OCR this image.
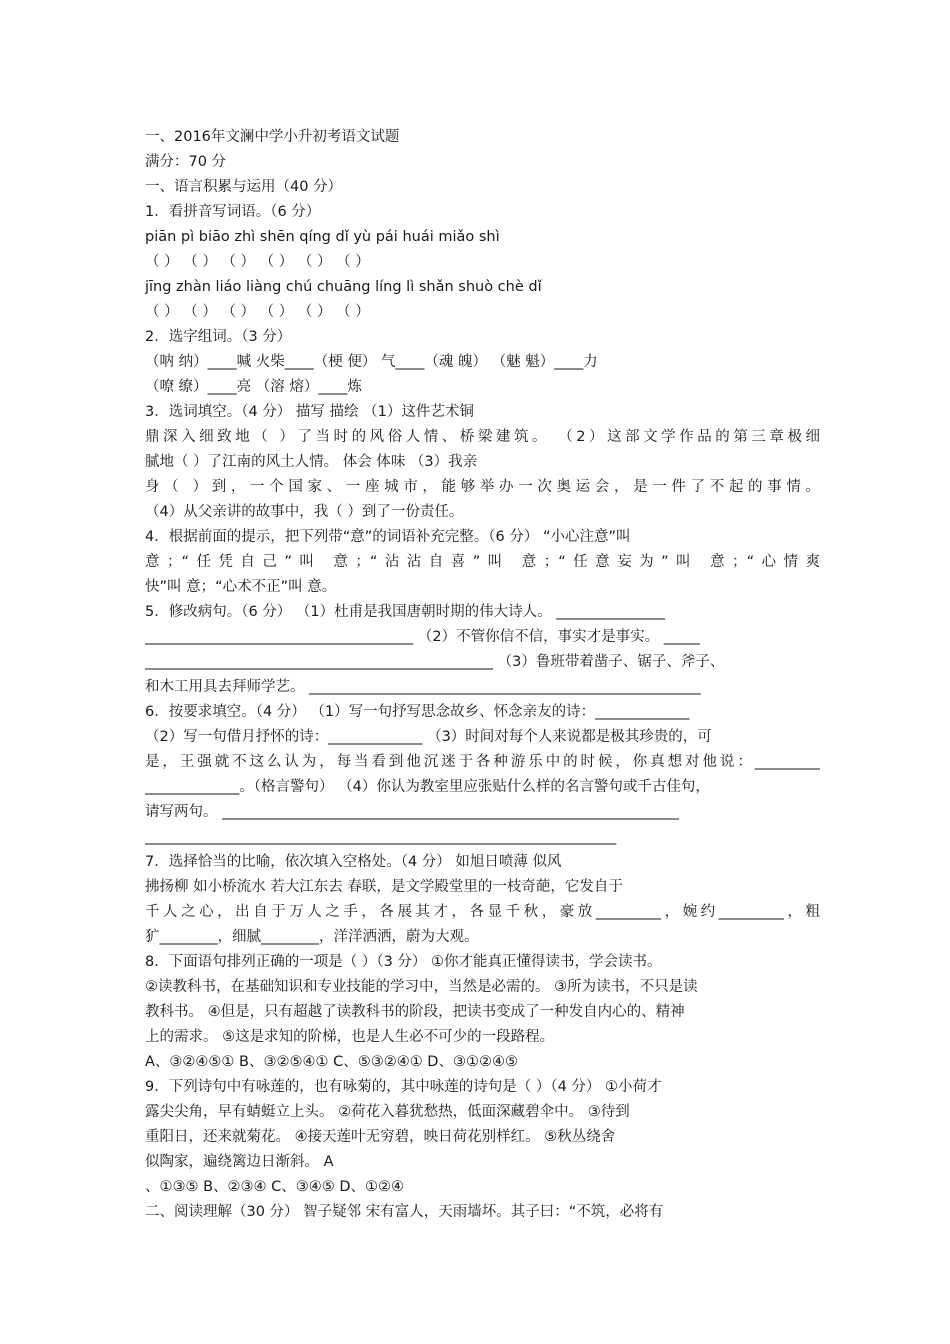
一、2016年文澜中学小升初考语文试题
满分：70 分
一、语言积累与运用（40 分）
1．看拼音写词语。（6 分）
piān pì biāo zhì shēn qíng dǐ yù pái huái miǎo shì
（ ） （ ） （ ） （ ） （ ） （ ）
jīng zhàn liáo liàng chú chuāng líng lì shǎn shuò chè dǐ
（ ） （ ） （ ） （ ） （ ） （ ）
2．选字组词。（3 分）
（呐 纳）____喊 火柴____（梗 便） 气____（魂 魄） （魅 魁）____力
（嘹 缭）____亮 （溶 熔）____炼
3．选词填空。（4 分） 描写 描绘 （1）这件艺术铜
鼎深入细致地（ ）了当时的风俗人情、桥梁建筑。 （2）这部文学作品的第三章极细
腻地（ ）了江南的风土人情。 体会 体味 （3）我亲
身（ ）到，一个国家、一座城市，能够举办一次奥运会，是一件了不起的事情。
（4）从父亲讲的故事中，我（ ）到了一份责任。
4．根据前面的提示，把下列带“意”的词语补充完整。（6 分） “小心注意”叫
意；“任凭自己”叫 意；“沾沾自喜”叫 意；“任意妄为”叫 意；“心情爽
快”叫 意；“心术不正”叫 意。
5．修改病句。（6 分） （1）杜甫是我国唐朝时期的伟大诗人。 _______________
_____________________________________ （2）不管你信不信，事实才是事实。 _____
________________________________________________ （3）鲁班带着凿子、锯子、斧子、
和木工用具去拜师学艺。 ______________________________________________________
6．按要求填空。（4 分） （1）写一句抒写思念故乡、怀念亲友的诗：_____________
（2）写一句借月抒怀的诗：_____________ （3）时间对每个人来说都是极其珍贵的，可
是，王强就不这么认为，每当看到他沉迷于各种游乐中的时候，你真想对他说：_________
_____________。（格言警句） （4）你认为教室里应张贴什么样的名言警句或千古佳句，
请写两句。 _______________________________________________________________
_________________________________________________________________
7．选择恰当的比喻，依次填入空格处。（4 分） 如旭日喷薄 似风
拂扬柳 如小桥流水 若大江东去 春联，是文学殿堂里的一枝奇葩，它发自于
千人之心，出自于万人之手，各展其才，各显千秋，豪放_________，婉约_________，粗
犷________，细腻________，洋洋洒洒，蔚为大观。
8．下面语句排列正确的一项是（ ）（3 分） ①你才能真正懂得读书，学会读书。
②读教科书，在基础知识和专业技能的学习中，当然是必需的。 ③所为读书，不只是读
教科书。 ④但是，只有超越了读教科书的阶段，把读书变成了一种发自内心的、精神
上的需求。 ⑤这是求知的阶梯，也是人生必不可少的一段路程。
A、③②④⑤① B、③②⑤④① C、⑤③②④① D、③①②④⑤
9．下列诗句中有咏莲的，也有咏菊的，其中咏莲的诗句是（ ）（4 分） ①小荷才
露尖尖角，早有蜻蜓立上头。 ②荷花入暮犹愁热，低面深藏碧伞中。 ③待到
重阳日，还来就菊花。 ④接天莲叶无穷碧，映日荷花别样红。 ⑤秋丛绕舍
似陶家，遍绕篱边日渐斜。 A
、①③⑤ B、②③④ C、③④⑤ D、①②④
二、阅读理解（30 分） 智子疑邻 宋有富人，天雨墙坏。其子曰：“不筑，必将有
